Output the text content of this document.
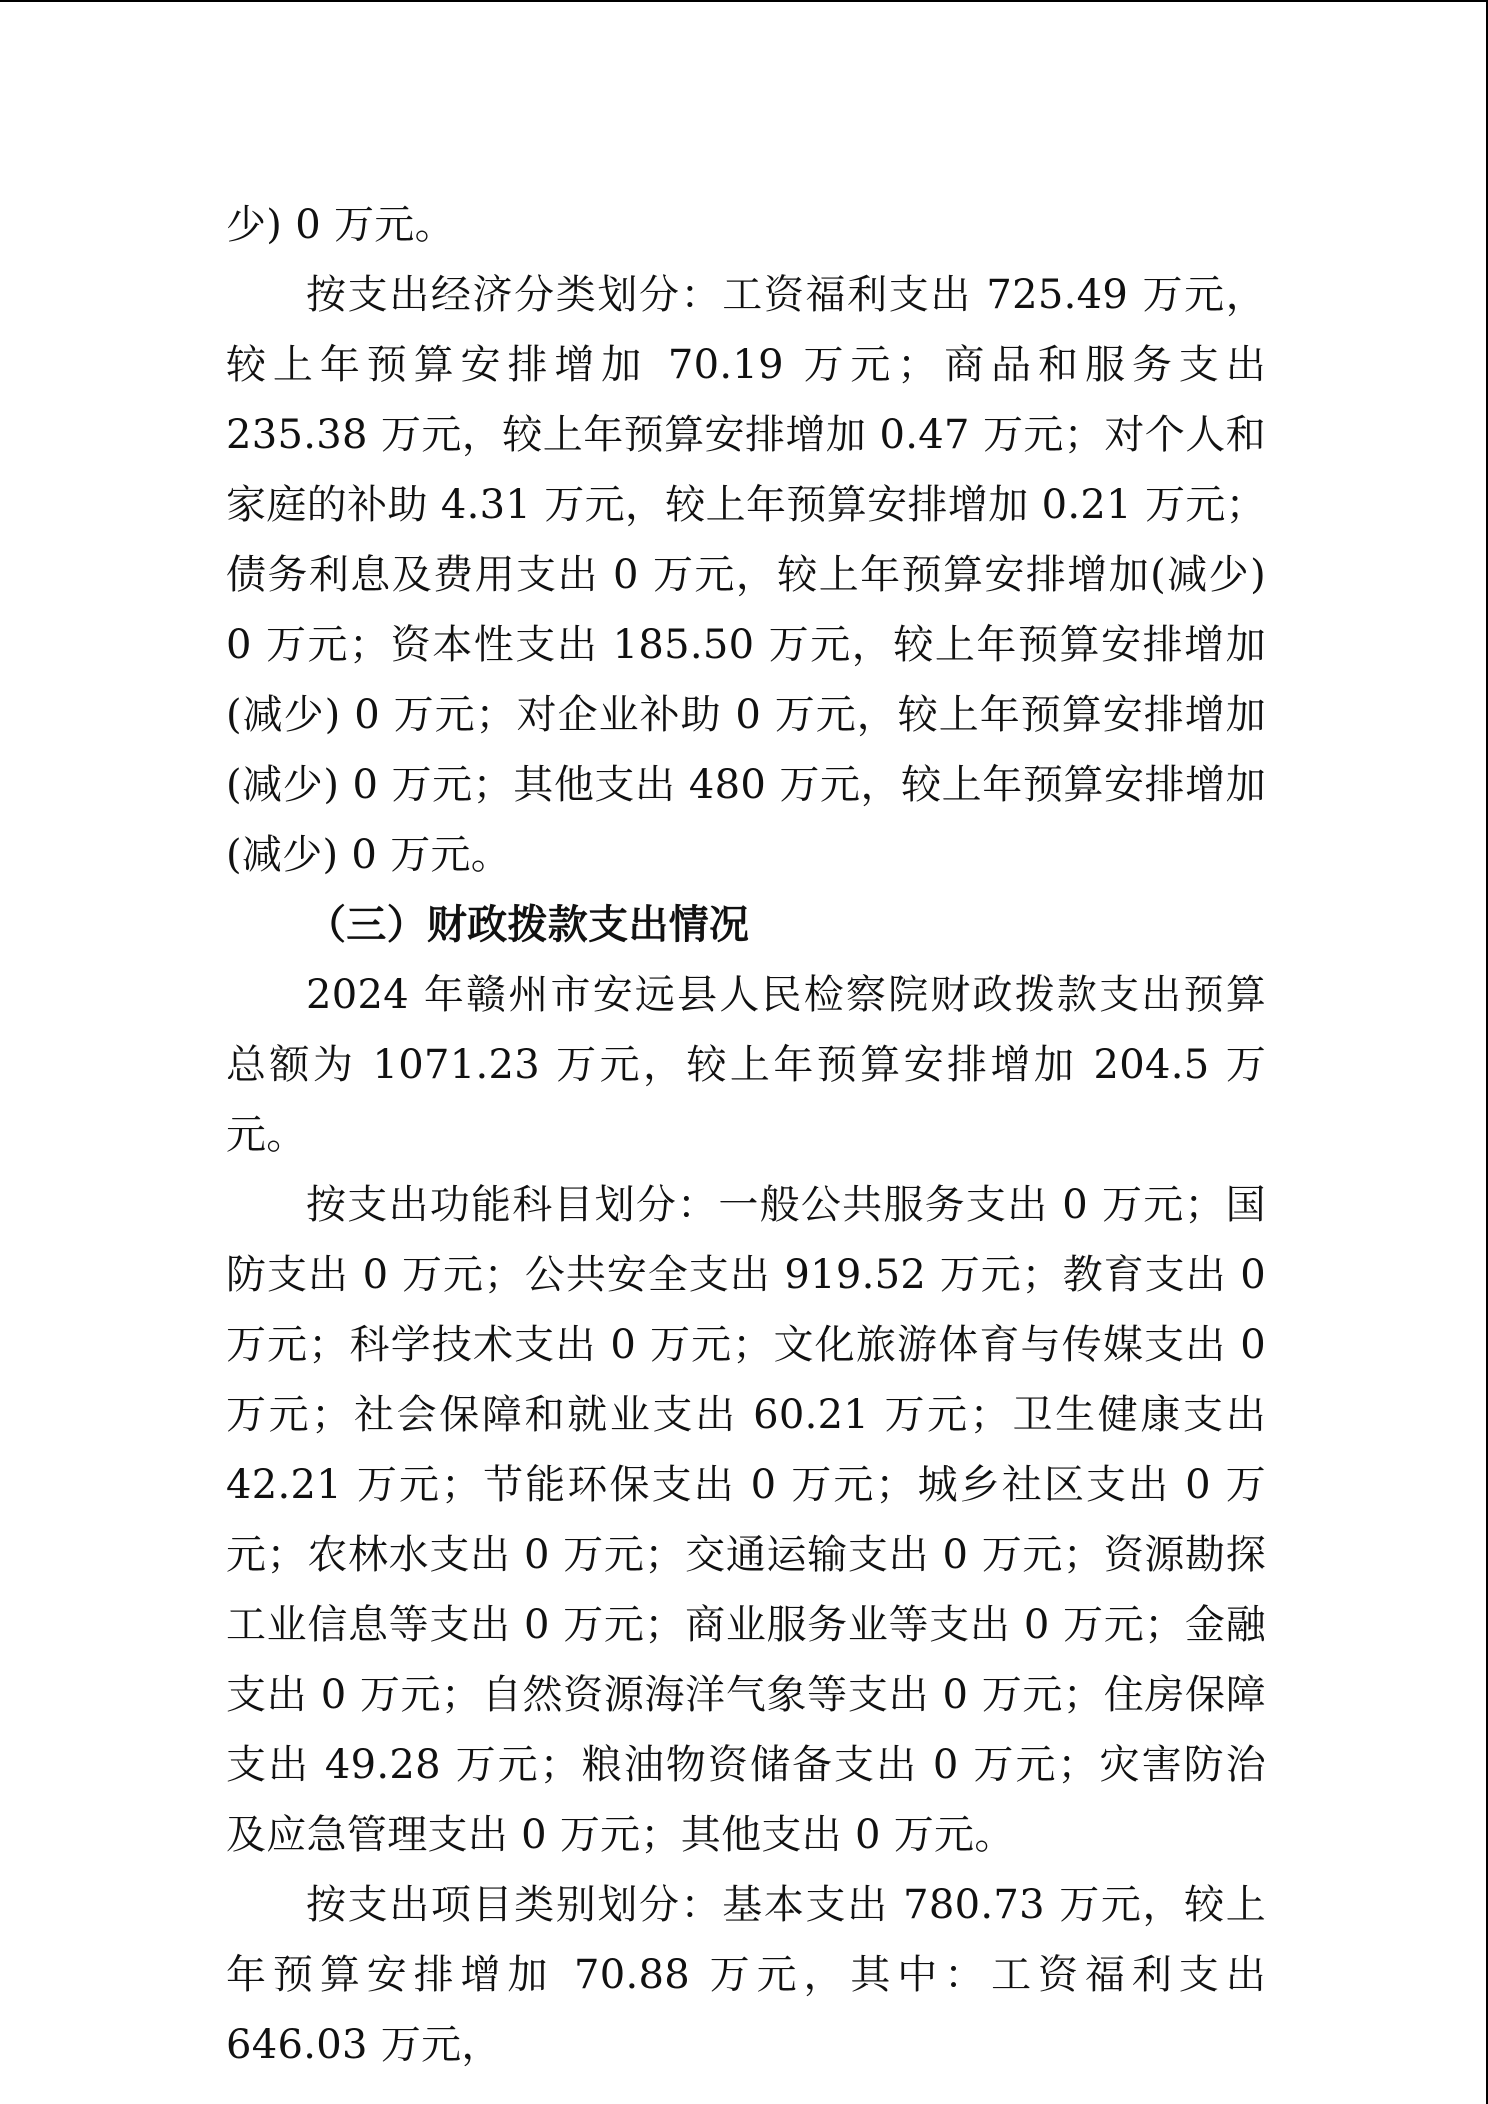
少) 0 万元。

按支出经济分类划分：工资福利支出 725.49 万元，较上年预算安排增加 70.19 万元；商品和服务支出 235.38 万元，较上年预算安排增加 0.47 万元；对个人和家庭的补助 4.31 万元，较上年预算安排增加 0.21 万元；债务利息及费用支出 0 万元，较上年预算安排增加(减少) 0 万元；资本性支出 185.50 万元，较上年预算安排增加(减少) 0 万元；对企业补助 0 万元，较上年预算安排增加(减少) 0 万元；其他支出 480 万元，较上年预算安排增加(减少) 0 万元。

（三）财政拨款支出情况

2024 年赣州市安远县人民检察院财政拨款支出预算总额为 1071.23 万元，较上年预算安排增加 204.5 万元。

按支出功能科目划分：一般公共服务支出 0 万元；国防支出 0 万元；公共安全支出 919.52 万元；教育支出 0 万元；科学技术支出 0 万元；文化旅游体育与传媒支出 0 万元；社会保障和就业支出 60.21 万元；卫生健康支出 42.21 万元；节能环保支出 0 万元；城乡社区支出 0 万元；农林水支出 0 万元；交通运输支出 0 万元；资源勘探工业信息等支出 0 万元；商业服务业等支出 0 万元；金融支出 0 万元；自然资源海洋气象等支出 0 万元；住房保障支出 49.28 万元；粮油物资储备支出 0 万元；灾害防治及应急管理支出 0 万元；其他支出 0 万元。

按支出项目类别划分：基本支出 780.73 万元，较上年预算安排增加 70.88 万元，其中：工资福利支出 646.03 万元，
